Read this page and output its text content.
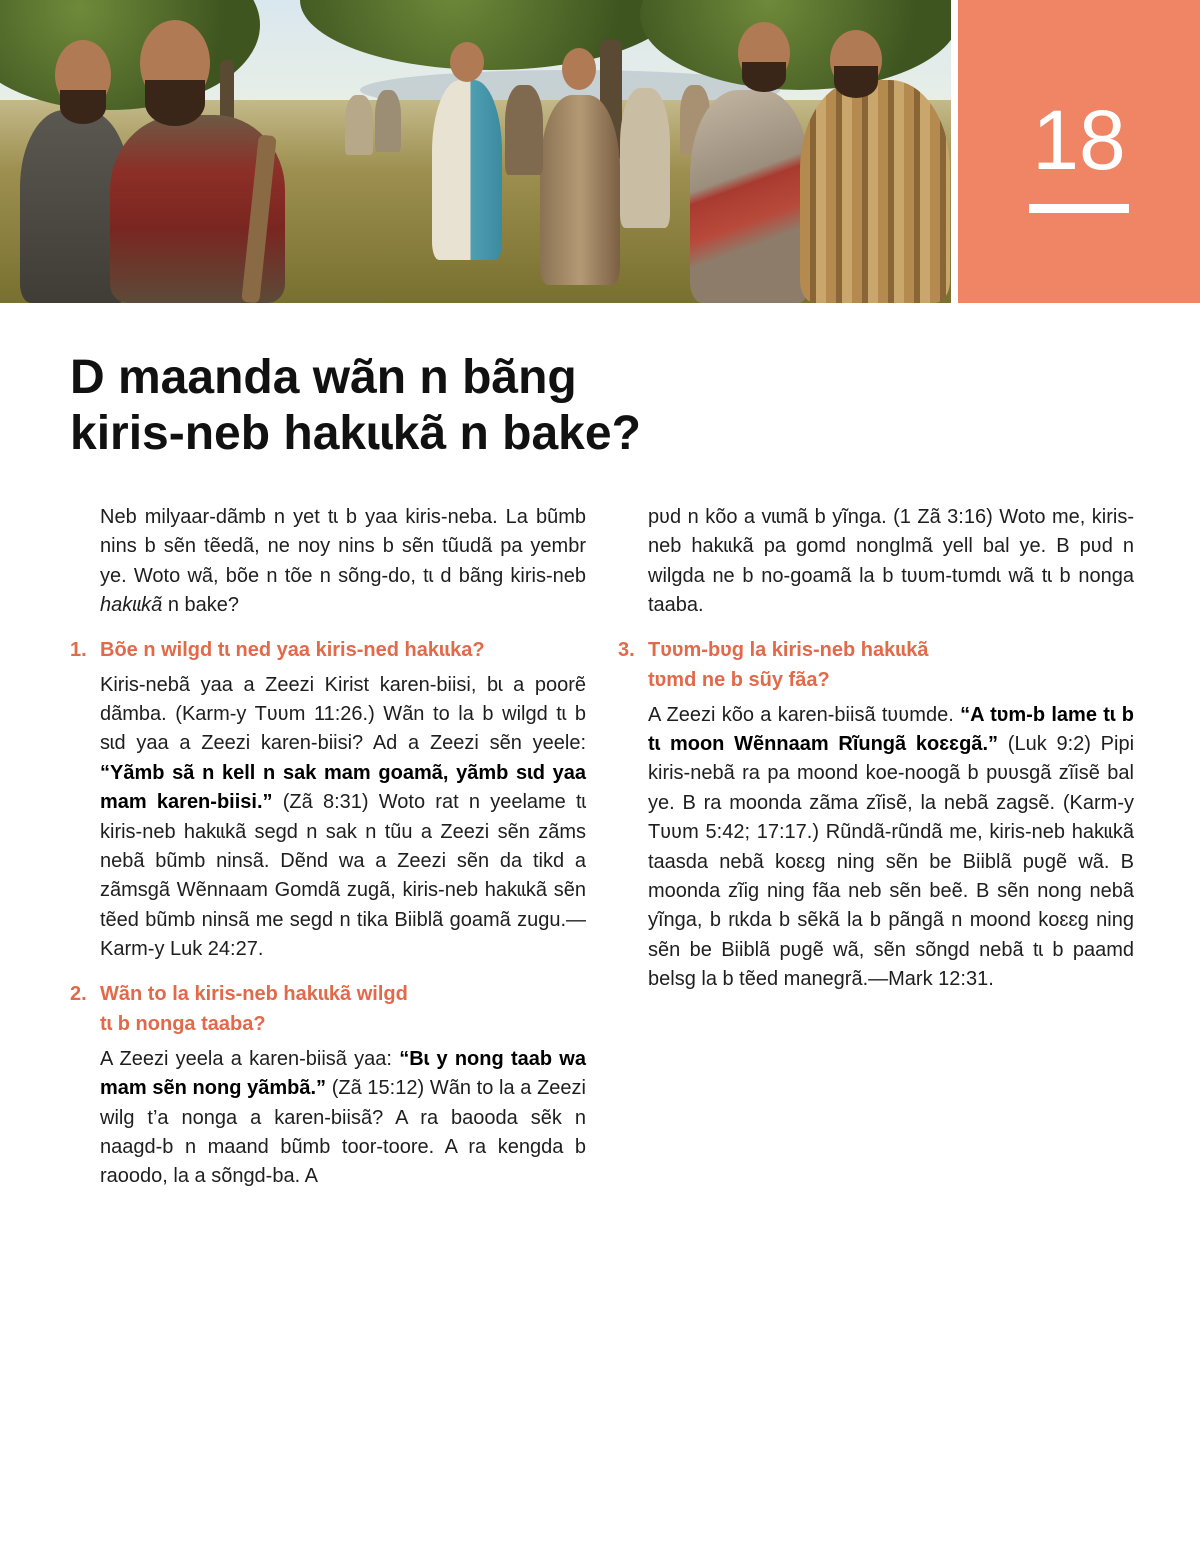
18
D maanda wãn n bãng
kiris-neb hakɩɩkã n bake?

Neb milyaar-dãmb n yet tɩ b yaa kiris-neba. La bũmb nins b sẽn tẽedã, ne noy nins b sẽn tũudã pa yembr ye. Woto wã, bõe n tõe n sõng-do, tɩ d bãng kiris-neb hakɩɩkã n bake?

1. Bõe n wilgd tɩ ned yaa kiris-ned hakɩɩka?

Kiris-nebã yaa a Zeezi Kirist karen-biisi, bɩ a poorẽ dãmba. (Karm-y Tʋʋm 11:26.) Wãn to la b wilgd tɩ b sɩd yaa a Zeezi karen-biisi? Ad a Zeezi sẽn yeele: “Yãmb sã n kell n sak mam goamã, yãmb sɩd yaa mam karen-biisi.” (Zã 8:31) Woto rat n yeelame tɩ kiris-neb hakɩɩkã segd n sak n tũu a Zeezi sẽn zãms nebã bũmb ninsã. Dẽnd wa a Zeezi sẽn da tikd a zãmsgã Wẽnnaam Gomdã zugã, kiris-neb hakɩɩkã sẽn tẽed bũmb ninsã me segd n tika Biiblã goamã zugu.—Karm-y Luk 24:27.

2. Wãn to la kiris-neb hakɩɩkã wilgd
tɩ b nonga taaba?

A Zeezi yeela a karen-biisã yaa: “Bɩ y nong taab wa mam sẽn nong yãmbã.” (Zã 15:12) Wãn to la a Zeezi wilg t’a nonga a karen-biisã? A ra baooda sẽk n naagd-b n maand bũmb toor-toore. A ra kengda b raoodo, la a sõngd-ba. A

pʋd n kõo a vɩɩmã b yĩnga. (1 Zã 3:16) Woto me, kiris-neb hakɩɩkã pa gomd nonglmã yell bal ye. B pʋd n wilgda ne b no-goamã la b tʋʋm-tʋmdɩ wã tɩ b nonga taaba.

3. Tʋʋm-bʋg la kiris-neb hakɩɩkã
tʋmd ne b sũy fãa?

A Zeezi kõo a karen-biisã tʋʋmde. “A tʋm-b lame tɩ b tɩ moon Wẽnnaam Rĩungã koɛɛgã.” (Luk 9:2) Pipi kiris-nebã ra pa moond koe-noogã b pʋʋsgã zĩisẽ bal ye. B ra moonda zãma zĩisẽ, la nebã zagsẽ. (Karm-y Tʋʋm 5:42; 17:17.) Rũndã-rũndã me, kiris-neb hakɩɩkã taasda nebã koɛɛg ning sẽn be Biiblã pʋgẽ wã. B moonda zĩig ning fãa neb sẽn beẽ. B sẽn nong nebã yĩnga, b rɩkda b sẽkã la b pãngã n moond koɛɛg ning sẽn be Biiblã pʋgẽ wã, sẽn sõngd nebã tɩ b paamd belsg la b tẽed manegrã.—Mark 12:31.
